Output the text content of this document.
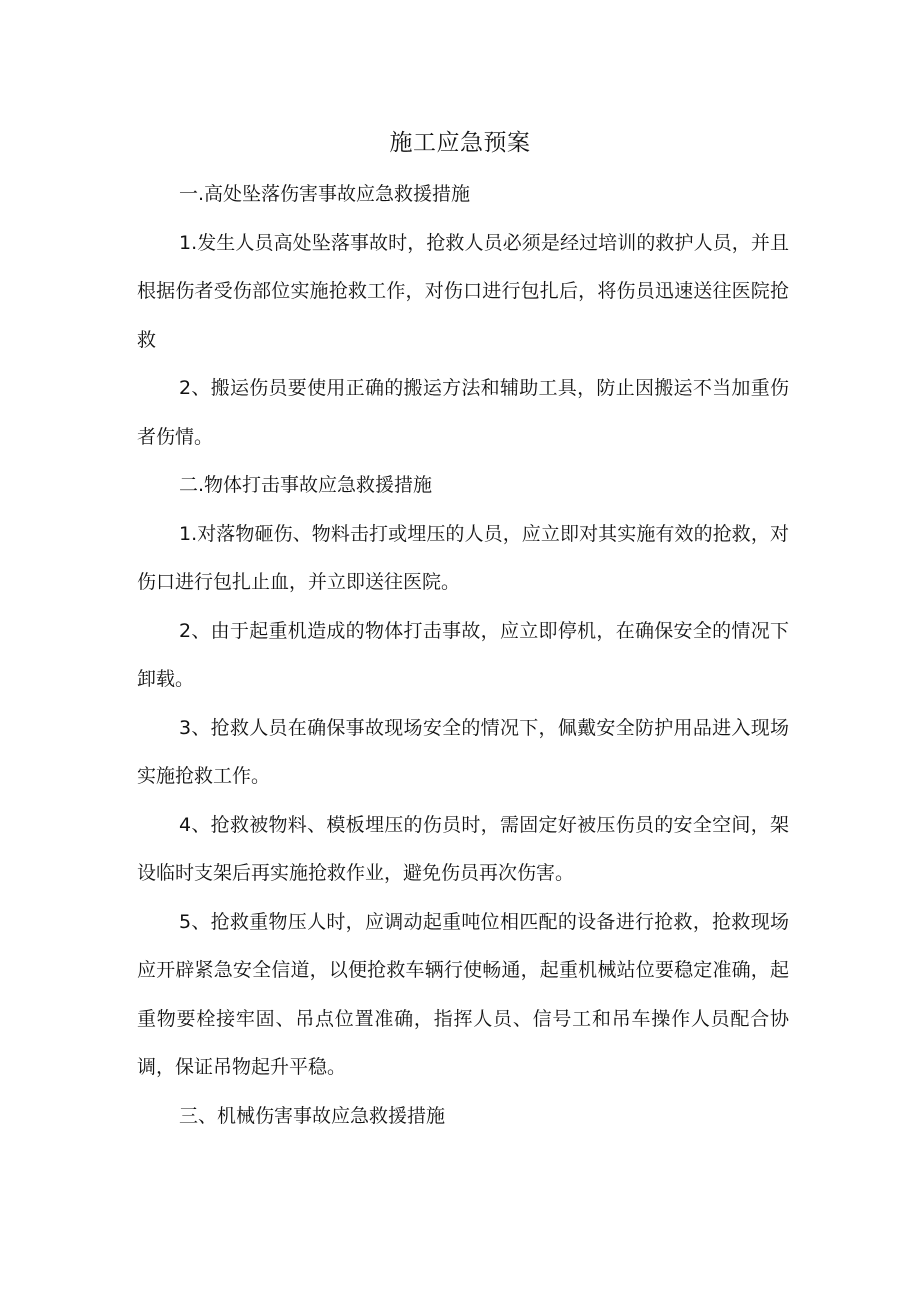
施工应急预案

一.高处坠落伤害事故应急救援措施

1.发生人员高处坠落事故时，抢救人员必须是经过培训的救护人员，并且根据伤者受伤部位实施抢救工作，对伤口进行包扎后，将伤员迅速送往医院抢救

2、搬运伤员要使用正确的搬运方法和辅助工具，防止因搬运不当加重伤者伤情。

二.物体打击事故应急救援措施

1.对落物砸伤、物料击打或埋压的人员，应立即对其实施有效的抢救，对伤口进行包扎止血，并立即送往医院。

2、由于起重机造成的物体打击事故，应立即停机，在确保安全的情况下卸载。

3、抢救人员在确保事故现场安全的情况下，佩戴安全防护用品进入现场实施抢救工作。

4、抢救被物料、模板埋压的伤员时，需固定好被压伤员的安全空间，架设临时支架后再实施抢救作业，避免伤员再次伤害。

5、抢救重物压人时，应调动起重吨位相匹配的设备进行抢救，抢救现场应开辟紧急安全信道，以便抢救车辆行使畅通，起重机械站位要稳定准确，起重物要栓接牢固、吊点位置准确，指挥人员、信号工和吊车操作人员配合协调，保证吊物起升平稳。

三、机械伤害事故应急救援措施
